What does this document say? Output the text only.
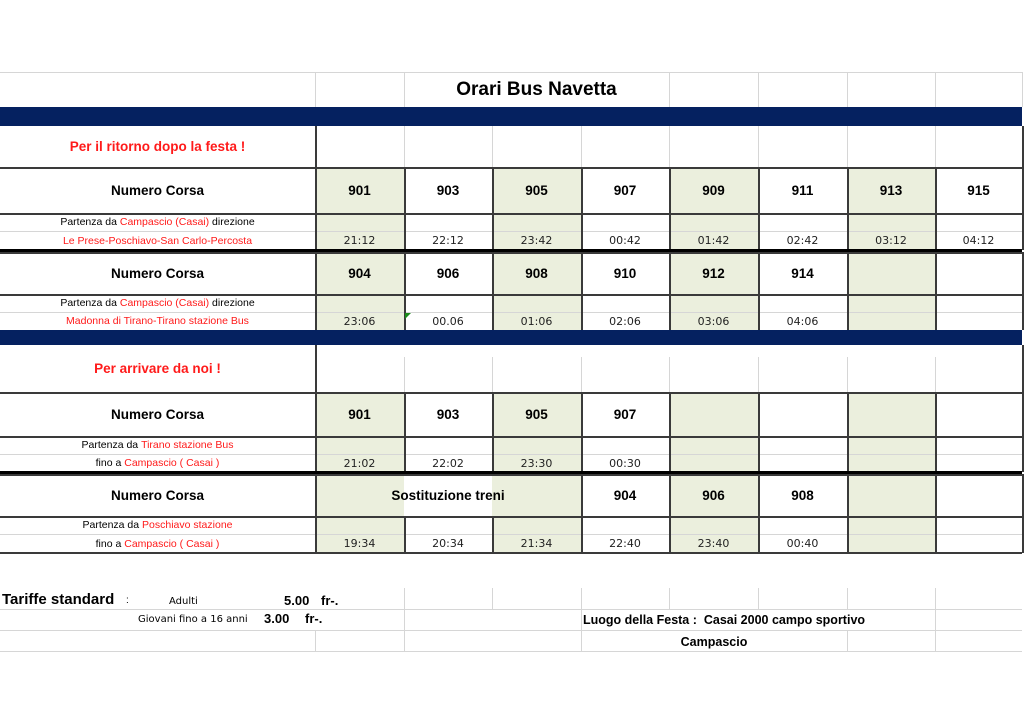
Orari Bus Navetta
Per il ritorno dopo la festa !
Per arrivare da noi !
Numero Corsa	901	903	905	907	909	911	913	915
Partenza da Campascio (Casai) direzione
Le Prese-Poschiavo-San Carlo-Percosta	21:12	22:12	23:42	00:42	01:42	02:42	03:12	04:12
Numero Corsa	904	906	908	910	912	914
Partenza da Campascio (Casai) direzione
Madonna di Tirano-Tirano stazione Bus	23:06	00.06	01:06	02:06	03:06	04:06
Numero Corsa	901	903	905	907
Partenza da Tirano stazione Bus
fino a Campascio ( Casai )	21:02	22:02	23:30	00:30
Numero Corsa	Sostituzione treni	904	906	908
Partenza da Poschiavo stazione
fino a Campascio ( Casai )	19:34	20:34	21:34	22:40	23:40	00:40
Tariffe standard :	Adulti	5.00 fr-.
Giovani fino a 16 anni 3.00 fr-.	Luogo della Festa :  Casai 2000 campo sportivo
Campascio
